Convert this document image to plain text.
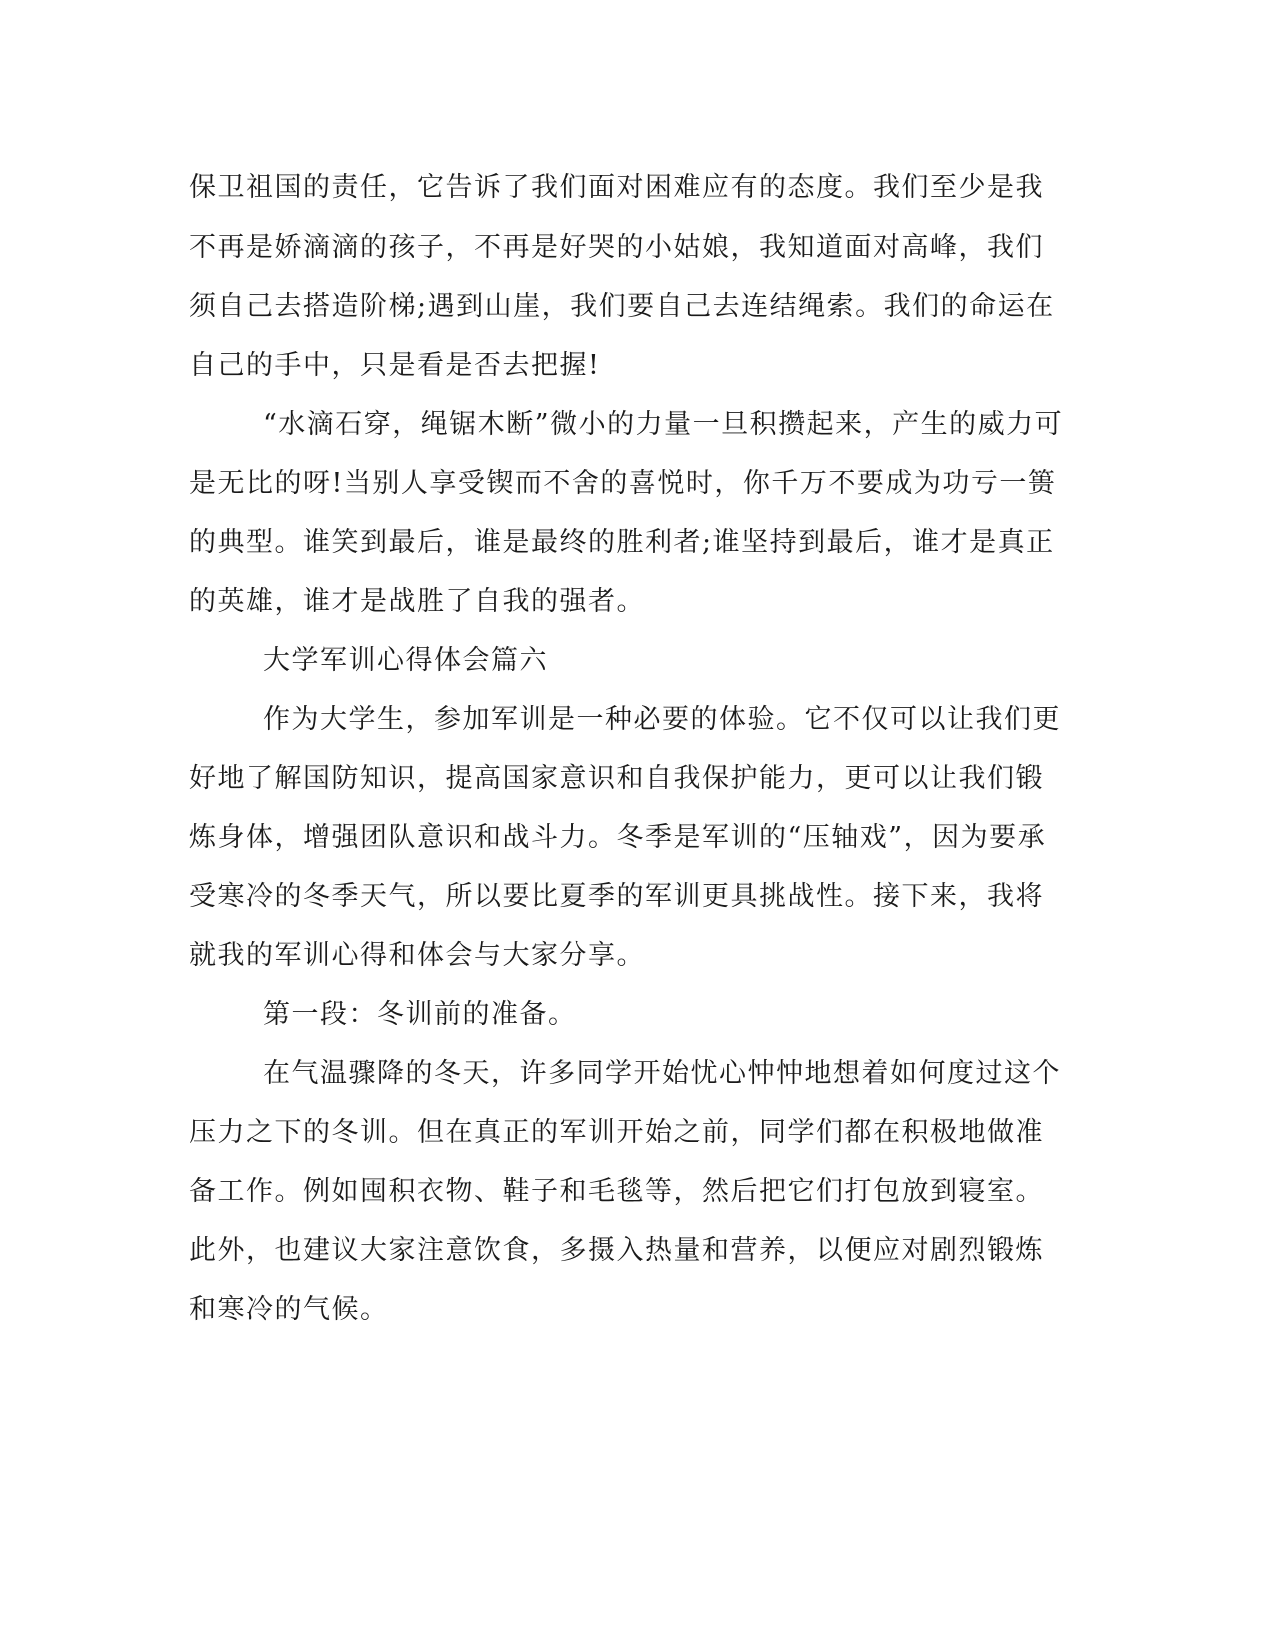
保卫祖国的责任，它告诉了我们面对困难应有的态度。我们至少是我
不再是娇滴滴的孩子，不再是好哭的小姑娘，我知道面对高峰，我们
须自己去搭造阶梯;遇到山崖，我们要自己去连结绳索。我们的命运在
自己的手中，只是看是否去把握!
“水滴石穿，绳锯木断”微小的力量一旦积攒起来，产生的威力可
是无比的呀!当别人享受锲而不舍的喜悦时，你千万不要成为功亏一篑
的典型。谁笑到最后，谁是最终的胜利者;谁坚持到最后，谁才是真正
的英雄，谁才是战胜了自我的强者。
大学军训心得体会篇六
作为大学生，参加军训是一种必要的体验。它不仅可以让我们更
好地了解国防知识，提高国家意识和自我保护能力，更可以让我们锻
炼身体，增强团队意识和战斗力。冬季是军训的“压轴戏”，因为要承
受寒冷的冬季天气，所以要比夏季的军训更具挑战性。接下来，我将
就我的军训心得和体会与大家分享。
第一段：冬训前的准备。
在气温骤降的冬天，许多同学开始忧心忡忡地想着如何度过这个
压力之下的冬训。但在真正的军训开始之前，同学们都在积极地做准
备工作。例如囤积衣物、鞋子和毛毯等，然后把它们打包放到寝室。
此外，也建议大家注意饮食，多摄入热量和营养，以便应对剧烈锻炼
和寒冷的气候。
